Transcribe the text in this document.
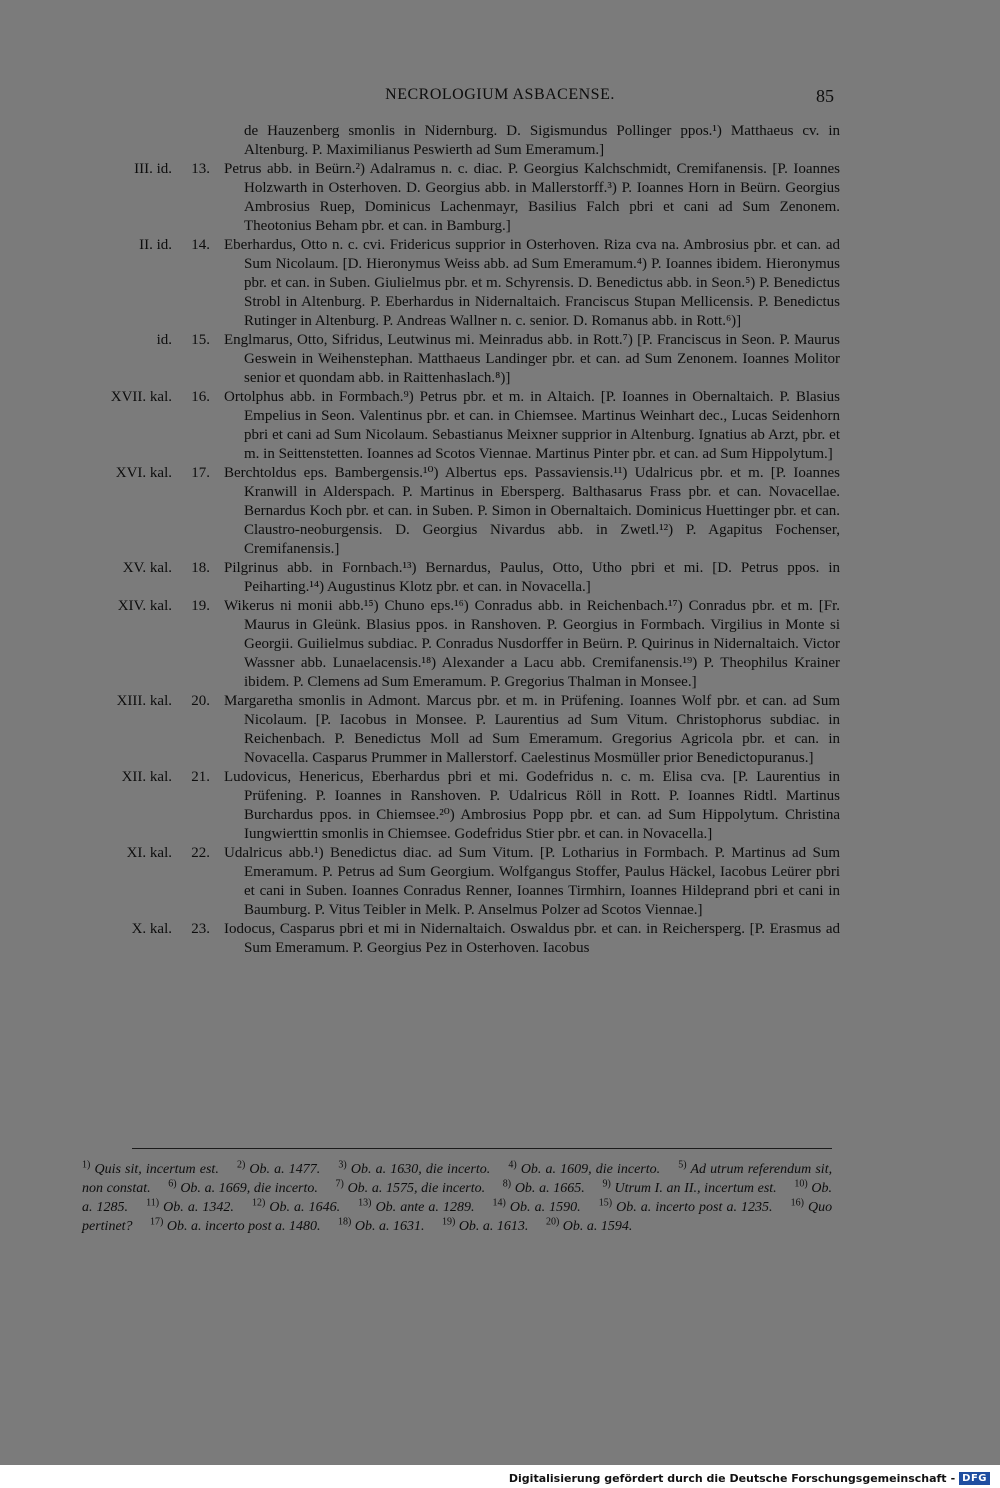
NECROLOGIUM ASBACENSE.	85
de Hauzenberg smonlis in Nidernburg. D. Sigismundus Pollinger ppos.¹) Matthaeus cv. in Altenburg. P. Maximilianus Peswierth ad Sum Emeramum.]
III. id.	13. Petrus abb. in Beürn.²) Adalramus n. c. diac. P. Georgius Kalchschmidt, Cremifanensis. [P. Ioannes Holzwarth in Osterhoven. D. Georgius abb. in Mallerstorff.³) P. Ioannes Horn in Beürn. Georgius Ambrosius Ruep, Dominicus Lachenmayr, Basilius Falch pbri et cani ad Sum Zenonem. Theotonius Beham pbr. et can. in Bamburg.]
II. id.	14. Eberhardus, Otto n. c. cvi. Fridericus supprior in Osterhoven. Riza cva na. Ambrosius pbr. et can. ad Sum Nicolaum. [D. Hieronymus Weiss abb. ad Sum Emeramum.⁴) P. Ioannes ibidem. Hieronymus pbr. et can. in Suben. Giulielmus pbr. et m. Schyrensis. D. Benedictus abb. in Seon.⁵) P. Benedictus Strobl in Altenburg. P. Eberhardus in Nidernaltaich. Franciscus Stupan Mellicensis. P. Benedictus Rutinger in Altenburg. P. Andreas Wallner n. c. senior. D. Romanus abb. in Rott.⁶)]
id.	15. Englmarus, Otto, Sifridus, Leutwinus mi. Meinradus abb. in Rott.⁷) [P. Franciscus in Seon. P. Maurus Geswein in Weihenstephan. Matthaeus Landinger pbr. et can. ad Sum Zenonem. Ioannes Molitor senior et quondam abb. in Raittenhaslach.⁸)]
XVII. kal.	16. Ortolphus abb. in Formbach.⁹) Petrus pbr. et m. in Altaich. [P. Ioannes in Obernaltaich. P. Blasius Empelius in Seon. Valentinus pbr. et can. in Chiemsee. Martinus Weinhart dec., Lucas Seidenhorn pbri et cani ad Sum Nicolaum. Sebastianus Meixner supprior in Altenburg. Ignatius ab Arzt, pbr. et m. in Seittenstetten. Ioannes ad Scotos Viennae. Martinus Pinter pbr. et can. ad Sum Hippolytum.]
XVI. kal.	17. Berchtoldus eps. Bambergensis.¹⁰) Albertus eps. Passaviensis.¹¹) Udalricus pbr. et m. [P. Ioannes Kranwill in Alderspach. P. Martinus in Ebersperg. Balthasarus Frass pbr. et can. Novacellae. Bernardus Koch pbr. et can. in Suben. P. Simon in Obernaltaich. Dominicus Huettinger pbr. et can. Claustro-neoburgensis. D. Georgius Nivardus abb. in Zwetl.¹²) P. Agapitus Fochenser, Cremifanensis.]
XV. kal.	18. Pilgrinus abb. in Fornbach.¹³) Bernardus, Paulus, Otto, Utho pbri et mi. [D. Petrus ppos. in Peiharting.¹⁴) Augustinus Klotz pbr. et can. in Novacella.]
XIV. kal.	19. Wikerus ni monii abb.¹⁵) Chuno eps.¹⁶) Conradus abb. in Reichenbach.¹⁷) Conradus pbr. et m. [Fr. Maurus in Gleünk. Blasius ppos. in Ranshoven. P. Georgius in Formbach. Virgilius in Monte si Georgii. Guilielmus subdiac. P. Conradus Nusdorffer in Beürn. P. Quirinus in Nidernaltaich. Victor Wassner abb. Lunaelacensis.¹⁸) Alexander a Lacu abb. Cremifanensis.¹⁹) P. Theophilus Krainer ibidem. P. Clemens ad Sum Emeramum. P. Gregorius Thalman in Monsee.]
XIII. kal.	20. Margaretha smonlis in Admont. Marcus pbr. et m. in Prüfening. Ioannes Wolf pbr. et can. ad Sum Nicolaum. [P. Iacobus in Monsee. P. Laurentius ad Sum Vitum. Christophorus subdiac. in Reichenbach. P. Benedictus Moll ad Sum Emeramum. Gregorius Agricola pbr. et can. in Novacella. Casparus Prummer in Mallerstorf. Caelestinus Mosmüller prior Benedictopuranus.]
XII. kal.	21. Ludovicus, Henericus, Eberhardus pbri et mi. Godefridus n. c. m. Elisa cva. [P. Laurentius in Prüfening. P. Ioannes in Ranshoven. P. Udalricus Röll in Rott. P. Ioannes Ridtl. Martinus Burchardus ppos. in Chiemsee.²⁰) Ambrosius Popp pbr. et can. ad Sum Hippolytum. Christina Iungwierttin smonlis in Chiemsee. Godefridus Stier pbr. et can. in Novacella.]
XI. kal.	22. Udalricus abb.¹) Benedictus diac. ad Sum Vitum. [P. Lotharius in Formbach. P. Martinus ad Sum Emeramum. P. Petrus ad Sum Georgium. Wolfgangus Stoffer, Paulus Häckel, Iacobus Leürer pbri et cani in Suben. Ioannes Conradus Renner, Ioannes Tirmhirn, Ioannes Hildeprand pbri et cani in Baumburg. P. Vitus Teibler in Melk. P. Anselmus Polzer ad Scotos Viennae.]
X. kal.	23. Iodocus, Casparus pbri et mi in Nidernaltaich. Oswaldus pbr. et can. in Reichersperg. [P. Erasmus ad Sum Emeramum. P. Georgius Pez in Osterhoven. Iacobus
$^{1)}$ Quis sit, incertum est.  $^{2)}$ Ob. a. 1477.  $^{3)}$ Ob. a. 1630, die incerto.  $^{4)}$ Ob. a. 1609, die incerto.  $^{5)}$ Ad utrum referendum sit, non constat.  $^{6)}$ Ob. a. 1669, die incerto.  $^{7)}$ Ob. a. 1575, die incerto.  $^{8)}$ Ob. a. 1665.  $^{9)}$ Utrum I. an II., incertum est.  $^{10)}$ Ob. a. 1285.  $^{11)}$ Ob. a. 1342.  $^{12)}$ Ob. a. 1646.  $^{13)}$ Ob. ante a. 1289.  $^{14)}$ Ob. a. 1590.  $^{15)}$ Ob. a. incerto post a. 1235.  $^{16)}$ Quo pertinet?  $^{17)}$ Ob. a. incerto post a. 1480.  $^{18)}$ Ob. a. 1631.  $^{19)}$ Ob. a. 1613.  $^{20)}$ Ob. a. 1594. 
Digitalisierung gefördert durch die Deutsche Forschungsgemeinschaft - DFG
